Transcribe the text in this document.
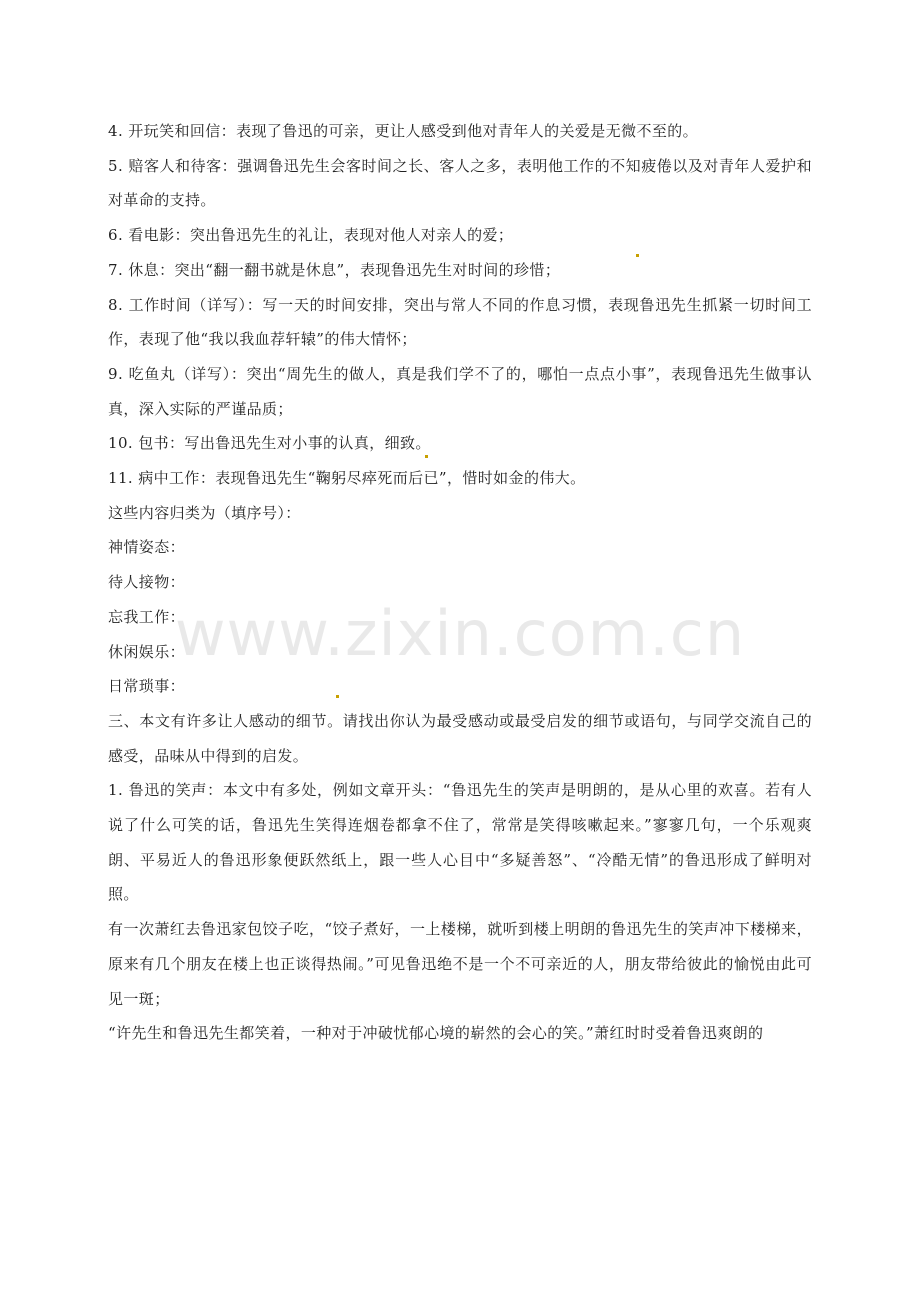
4. 开玩笑和回信：表现了鲁迅的可亲，更让人感受到他对青年人的关爱是无微不至的。

5. 赔客人和待客：强调鲁迅先生会客时间之长、客人之多，表明他工作的不知疲倦以及对青年人爱护和对革命的支持。

6. 看电影：突出鲁迅先生的礼让，表现对他人对亲人的爱；

7. 休息：突出“翻一翻书就是休息”，表现鲁迅先生对时间的珍惜；

8. 工作时间（详写）：写一天的时间安排，突出与常人不同的作息习惯，表现鲁迅先生抓紧一切时间工作，表现了他“我以我血荐轩辕”的伟大情怀；

9. 吃鱼丸（详写）：突出“周先生的做人，真是我们学不了的，哪怕一点点小事”，表现鲁迅先生做事认真，深入实际的严谨品质；

10. 包书：写出鲁迅先生对小事的认真，细致。

11. 病中工作：表现鲁迅先生“鞠躬尽瘁死而后已”，惜时如金的伟大。

这些内容归类为（填序号）：

神情姿态：

待人接物：

忘我工作：

休闲娱乐：

日常琐事：

三、本文有许多让人感动的细节。请找出你认为最受感动或最受启发的细节或语句，与同学交流自己的感受，品味从中得到的启发。

1. 鲁迅的笑声：本文中有多处，例如文章开头：“鲁迅先生的笑声是明朗的，是从心里的欢喜。若有人说了什么可笑的话，鲁迅先生笑得连烟卷都拿不住了，常常是笑得咳嗽起来。”寥寥几句，一个乐观爽朗、平易近人的鲁迅形象便跃然纸上，跟一些人心目中“多疑善怒”、“冷酷无情”的鲁迅形成了鲜明对照。

有一次萧红去鲁迅家包饺子吃，“饺子煮好，一上楼梯，就听到楼上明朗的鲁迅先生的笑声冲下楼梯来，原来有几个朋友在楼上也正谈得热闹。”可见鲁迅绝不是一个不可亲近的人，朋友带给彼此的愉悦由此可见一斑；

“许先生和鲁迅先生都笑着，一种对于冲破忧郁心境的崭然的会心的笑。”萧红时时受着鲁迅爽朗的

www.zixin.com.cn
